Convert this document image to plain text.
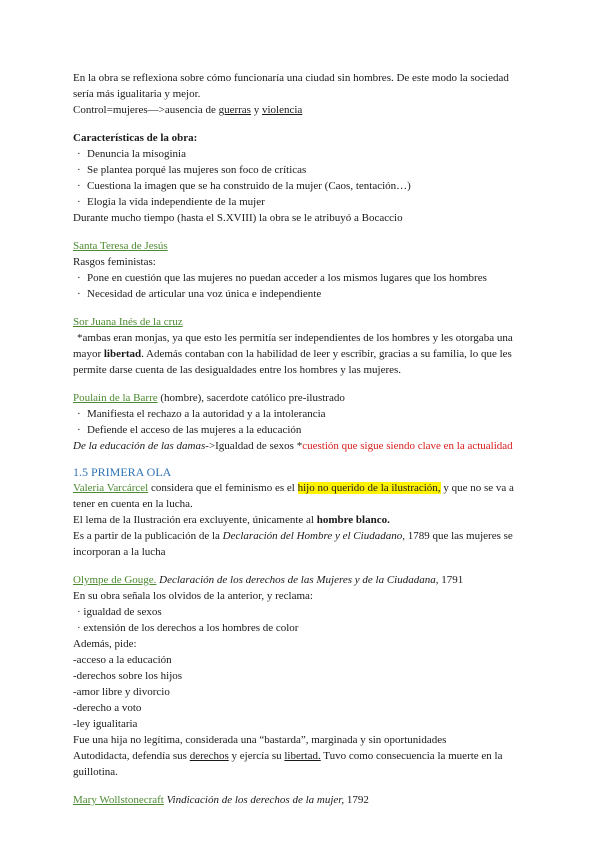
En la obra se reflexiona sobre cómo funcionaría una ciudad sin hombres. De este modo la sociedad

sería más igualitaria y mejor.

Control=mujeres—>ausencia de guerras y violencia

Características de la obra:

· Denuncia la misoginia

· Se plantea porqué las mujeres son foco de críticas

· Cuestiona la imagen que se ha construido de la mujer (Caos, tentación…)

· Elogia la vida independiente de la mujer

Durante mucho tiempo (hasta el S.XVIII) la obra se le atribuyó a Bocaccio

Santa Teresa de Jesús

Rasgos feministas:

· Pone en cuestión que las mujeres no puedan acceder a los mismos lugares que los hombres

· Necesidad de articular una voz única e independiente

Sor Juana Inés de la cruz

*ambas eran monjas, ya que esto les permitía ser independientes de los hombres y les otorgaba una

mayor libertad. Además contaban con la habilidad de leer y escribir, gracias a su familia, lo que les

permite darse cuenta de las desigualdades entre los hombres y las mujeres.

Poulain de la Barre (hombre), sacerdote católico pre-ilustrado

· Manifiesta el rechazo a la autoridad y a la intolerancia

· Defiende el acceso de las mujeres a la educación

De la educación de las damas->Igualdad de sexos *cuestión que sigue siendo clave en la actualidad

1.5 PRIMERA OLA

Valeria Varcárcel considera que el feminismo es el hijo no querido de la ilustración, y que no se va a

tener en cuenta en la lucha.

El lema de la Ilustración era excluyente, únicamente al hombre blanco.

Es a partir de la publicación de la Declaración del Hombre y el Ciudadano, 1789 que las mujeres se

incorporan a la lucha

Olympe de Gouge. Declaración de los derechos de las Mujeres y de la Ciudadana, 1791

En su obra señala los olvidos de la anterior, y reclama:

· igualdad de sexos

· extensión de los derechos a los hombres de color

Además, pide:

-acceso a la educación

-derechos sobre los hijos

-amor libre y divorcio

-derecho a voto

-ley igualitaria

Fue una hija no legítima, considerada una “bastarda”, marginada y sin oportunidades

Autodidacta, defendía sus derechos y ejercía su libertad. Tuvo como consecuencia la muerte en la

guillotina.

Mary Wollstonecraft Vindicación de los derechos de la mujer, 1792
